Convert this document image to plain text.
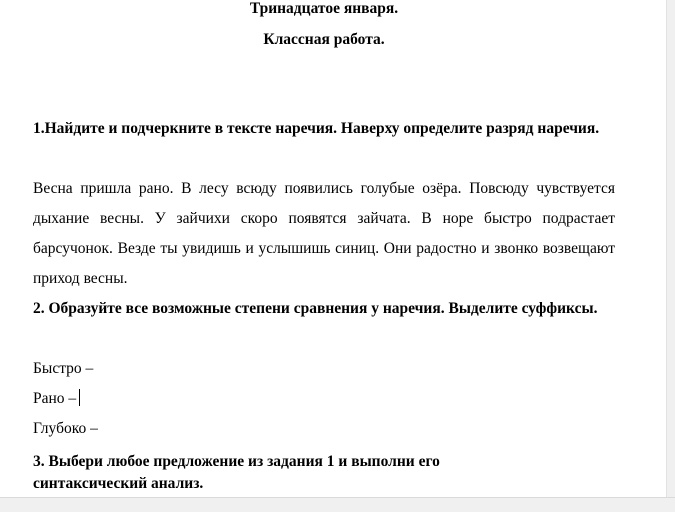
Тринадцатое января.
Классная работа.
1.Найдите и подчеркните в тексте наречия. Наверху определите разряд наречия.
Весна пришла рано. В лесу всюду появились голубые озёра. Повсюду чувствуется дыхание весны. У зайчихи скоро появятся зайчата. В норе быстро подрастает барсучонок. Везде ты увидишь и услышишь синиц. Они радостно и звонко возвещают приход весны.
2. Образуйте все возможные степени сравнения у наречия. Выделите суффиксы.
Быстро –
Рано –
Глубоко –
3. Выбери любое предложение из задания 1 и выполни его синтаксический анализ.
